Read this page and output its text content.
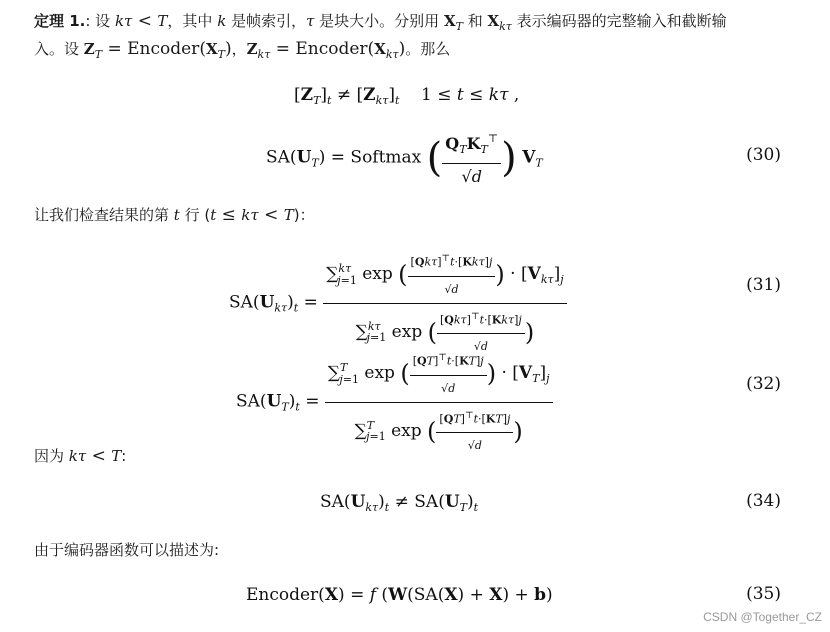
定理 1.: 设 kτ < T，其中 k 是帧索引，τ 是块大小。分别用 $X_T$ 和 $X_{k\tau}$ 表示编码器的完整输入和截断输
入。设 $Z_T$ = $Encoder(X_T)$，$Z_{k\tau}$ = $Encoder(X_{k\tau})$。那么
$[Z_T]_t \ne [Z_{k\tau}]_t$    1 ≤ t ≤ kτ ,
$SA(U_T)$ = Softmax ( $\frac{Q_TK_T^⊤}{√d}$ ) $V_T$	(30)
让我们检查结果的第 t 行 (t ≤ kτ < T)：
$SA(U_{k\tau})_t = \frac{\sum^{k\tau}_{j=1} \exp ( \frac{[Qk\tau]^⊤t\cdot[Kk\tau]j}{√d} ) \cdot [V_{k\tau}]_j}{\sum^{k\tau}_{j=1} \exp ( \frac{[Qk\tau]^⊤t\cdot[Kk\tau]j}{√d} )}$	(31)
$SA(U_T)_t = \frac{\sum^T_{j=1} \exp ( \frac{[QT]^⊤t\cdot[KT]j}{√d} ) \cdot [V_T]_j}{\sum^T_{j=1} \exp ( \frac{[QT]^⊤t\cdot[KT]j}{√d} )}$	(32)
因为 kτ < T:
$SA(U_{k\tau})_t \ne SA(U_T)_t$	(34)
由于编码器函数可以描述为:
Encoder(X) = f (W(SA(X) + X) + b)	(35)
CSDN @Together_CZ
